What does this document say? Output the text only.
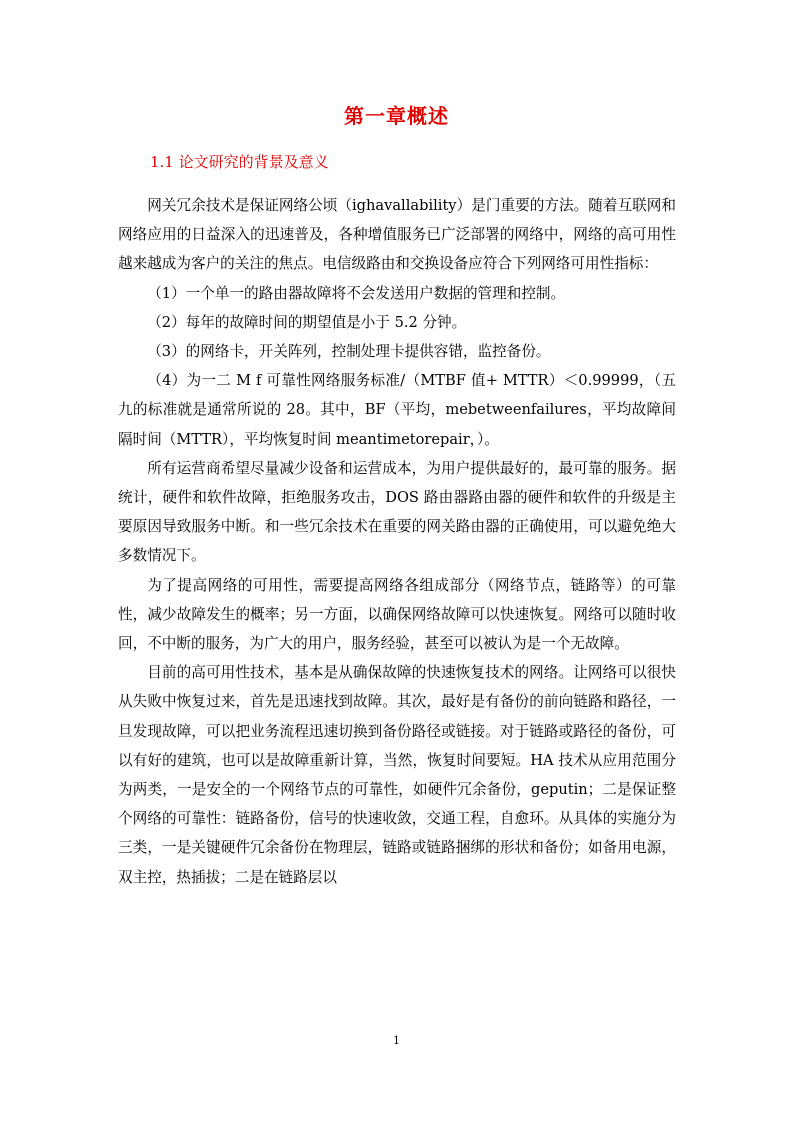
第一章概述
1.1 论文研究的背景及意义

网关冗余技术是保证网络公顷（ighavallability）是门重要的方法。随着互联网和网络应用的日益深入的迅速普及，各种增值服务已广泛部署的网络中，网络的高可用性越来越成为客户的关注的焦点。电信级路由和交换设备应符合下列网络可用性指标：

（1）一个单一的路由器故障将不会发送用户数据的管理和控制。

（2）每年的故障时间的期望值是小于 5.2 分钟。

（3）的网络卡，开关阵列，控制处理卡提供容错，监控备份。

（4）为一二 M f 可靠性网络服务标准/（MTBF 值+ MTTR）＜0.99999，（五九的标准就是通常所说的 28。其中，BF（平均，mebetweenfailures，平均故障间隔时间（MTTR），平均恢复时间 meantimetorepair，）。

所有运营商希望尽量减少设备和运营成本，为用户提供最好的，最可靠的服务。据统计，硬件和软件故障，拒绝服务攻击，DOS 路由器路由器的硬件和软件的升级是主要原因导致服务中断。和一些冗余技术在重要的网关路由器的正确使用，可以避免绝大多数情况下。

为了提高网络的可用性，需要提高网络各组成部分（网络节点，链路等）的可靠性，减少故障发生的概率；另一方面，以确保网络故障可以快速恢复。网络可以随时收回，不中断的服务，为广大的用户，服务经验，甚至可以被认为是一个无故障。

目前的高可用性技术，基本是从确保故障的快速恢复技术的网络。让网络可以很快从失败中恢复过来，首先是迅速找到故障。其次，最好是有备份的前向链路和路径，一旦发现故障，可以把业务流程迅速切换到备份路径或链接。对于链路或路径的备份，可以有好的建筑，也可以是故障重新计算，当然，恢复时间要短。HA 技术从应用范围分为两类，一是安全的一个网络节点的可靠性，如硬件冗余备份，geputin；二是保证整个网络的可靠性：链路备份，信号的快速收敛，交通工程，自愈环。从具体的实施分为三类，一是关键硬件冗余备份在物理层，链路或链路捆绑的形状和备份；如备用电源，双主控，热插拔；二是在链路层以

1
